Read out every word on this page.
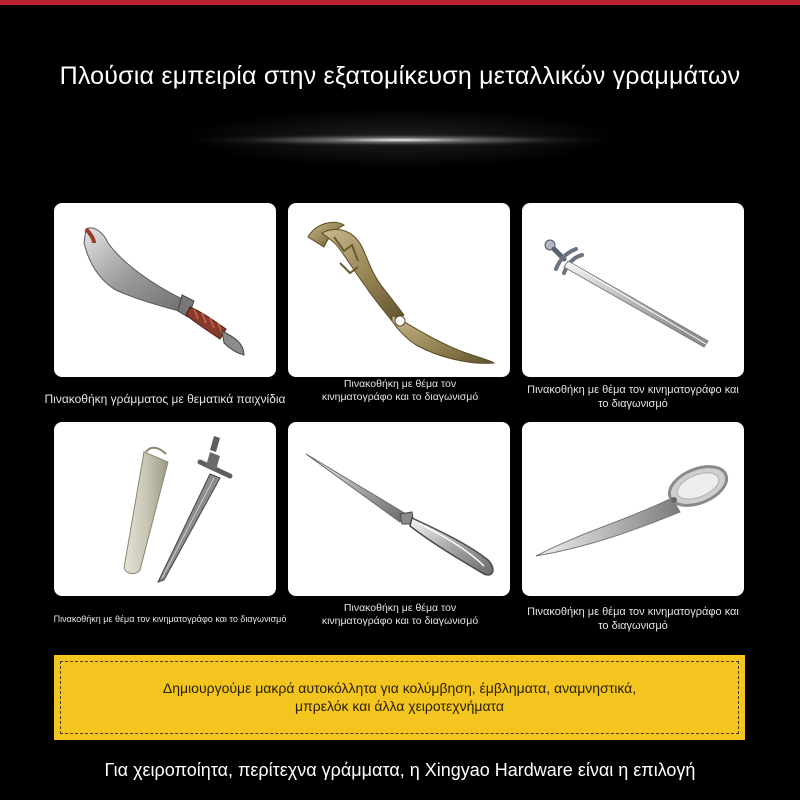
Πλούσια εμπειρία στην εξατομίκευση μεταλλικών γραμμάτων
Πινακοθήκη γράμματος με θεματικά παιχνίδια
Πινακοθήκη με θέμα τον κινηματογράφο και το διαγωνισμό
Πινακοθήκη με θέμα τον κινηματογράφο και το διαγωνισμό
Πινακοθήκη με θέμα τον κινηματογράφο και το διαγωνισμό
Πινακοθήκη με θέμα τον κινηματογράφο και το διαγωνισμό
Πινακοθήκη με θέμα τον κινηματογράφο και το διαγωνισμό
Δημιουργούμε μακρά αυτοκόλλητα για κολύμβηση, έμβληματα, αναμνηστικά,
μπρελόκ και άλλα χειροτεχνήματα
Για χειροποίητα, περίτεχνα γράμματα, η Xingyao Hardware είναι η επιλογή
